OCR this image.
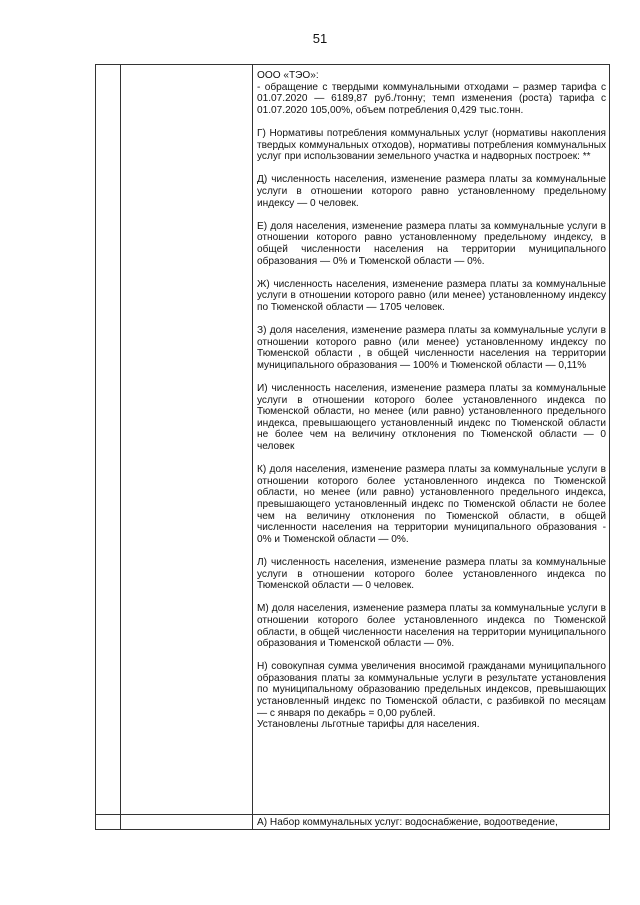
51

ООО «ТЭО»:

- обращение с твердыми коммунальными отходами – размер тарифа с 01.07.2020 — 6189,87 руб./тонну; темп изменения (роста) тарифа с 01.07.2020 105,00%, объем потребления 0,429 тыс.тонн.

Г) Нормативы потребления коммунальных услуг (нормативы накопления твердых коммунальных отходов), нормативы потребления коммунальных услуг при использовании земельного участка и надворных построек: **

Д) численность населения, изменение размера платы за коммунальные услуги в отношении которого равно установленному предельному индексу — 0 человек.

Е) доля населения, изменение размера платы за коммунальные услуги в отношении которого равно установленному предельному индексу, в общей численности населения на территории муниципального образования — 0% и Тюменской области — 0%.

Ж) численность населения, изменение размера платы за коммунальные услуги в отношении которого равно (или менее) установленному индексу по Тюменской области — 1705 человек.

З) доля населения, изменение размера платы за коммунальные услуги в отношении которого равно (или менее) установленному индексу по Тюменской области , в общей численности населения на территории муниципального образования — 100% и Тюменской области — 0,11%

И) численность населения, изменение размера платы за коммунальные услуги в отношении которого более установленного индекса по Тюменской области, но менее (или равно) установленного предельного индекса, превышающего установленный индекс по Тюменской области не более чем на величину отклонения по Тюменской области — 0 человек

К) доля населения, изменение размера платы за коммунальные услуги в отношении которого более установленного индекса по Тюменской области, но менее (или равно) установленного предельного индекса, превышающего установленный индекс по Тюменской области не более чем на величину отклонения по Тюменской области, в общей численности населения на территории муниципального образования - 0% и Тюменской области — 0%.

Л) численность населения, изменение размера платы за коммунальные услуги в отношении которого более установленного индекса по Тюменской области — 0 человек.

М) доля населения, изменение размера платы за коммунальные услуги в отношении которого более установленного индекса по Тюменской области, в общей численности населения на территории муниципального образования и Тюменской области — 0%.

Н) совокупная сумма увеличения вносимой гражданами муниципального образования платы за коммунальные услуги в результате установления по муниципальному образованию предельных индексов, превышающих установленный индекс по Тюменской области, с разбивкой по месяцам — с января по декабрь = 0,00 рублей.

Установлены льготные тарифы для населения.

А) Набор коммунальных услуг: водоснабжение, водоотведение,
